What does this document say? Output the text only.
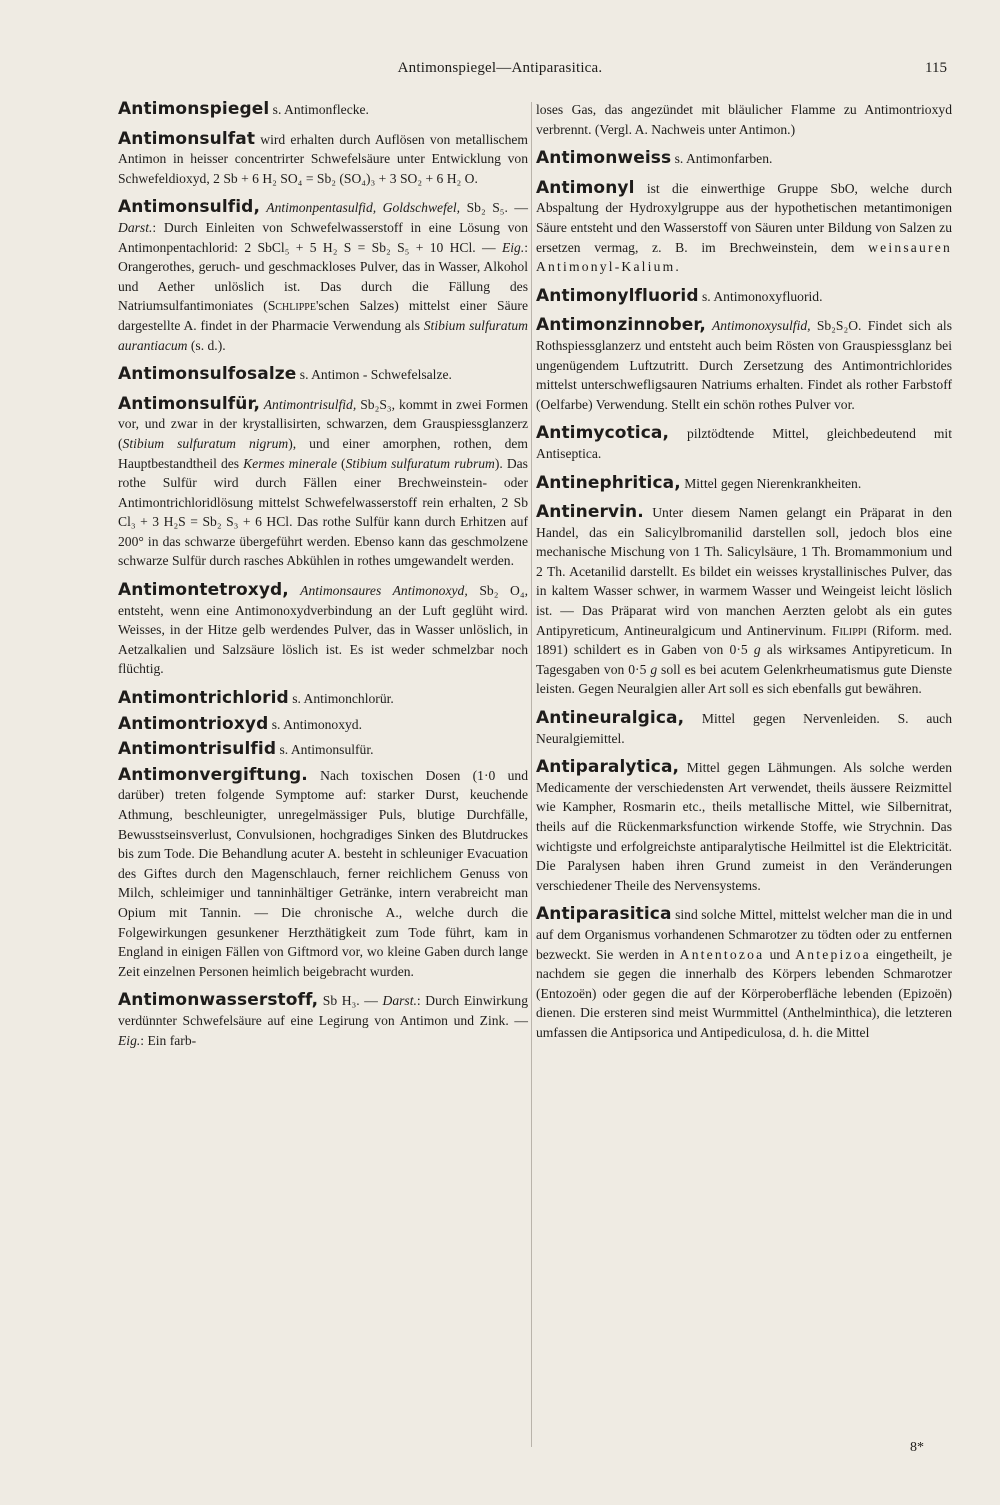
Antimonspiegel—Antiparasitica.	115

Antimonspiegel s. Antimonflecke.

Antimonsulfat wird erhalten durch Auflösen von metallischem Antimon in heisser concentrirter Schwefelsäure unter Entwicklung von Schwefeldioxyd, 2 Sb + 6 H₂ SO₄ = Sb₂ (SO₄)₃ + 3 SO₂ + 6 H₂ O.

Antimonsulfid, Antimonpentasulfid, Goldschwefel, Sb₂ S₅. — Darst.: Durch Einleiten von Schwefelwasserstoff in eine Lösung von Antimonpentachlorid: 2 SbCl₅ + 5 H₂ S = Sb₂ S₅ + 10 HCl. — Eig.: Orangerothes, geruch- und geschmackloses Pulver, das in Wasser, Alkohol und Aether unlöslich ist. Das durch die Fällung des Natriumsulfantimoniates (Schlippe'schen Salzes) mittelst einer Säure dargestellte A. findet in der Pharmacie Verwendung als Stibium sulfuratum aurantiacum (s. d.).

Antimonsulfosalze s. Antimon - Schwefelsalze.

Antimonsulfür, Antimontrisulfid, Sb₂S₃, kommt in zwei Formen vor, und zwar in der krystallisirten, schwarzen, dem Grauspiessglanzerz (Stibium sulfuratum nigrum), und einer amorphen, rothen, dem Hauptbestandtheil des Kermes minerale (Stibium sulfuratum rubrum). Das rothe Sulfür wird durch Fällen einer Brechweinstein- oder Antimontrichloridlösung mittelst Schwefelwasserstoff rein erhalten, 2 Sb Cl₃ + 3 H₂S = Sb₂ S₃ + 6 HCl. Das rothe Sulfür kann durch Erhitzen auf 200° in das schwarze übergeführt werden. Ebenso kann das geschmolzene schwarze Sulfür durch rasches Abkühlen in rothes umgewandelt werden.

Antimontetroxyd, Antimonsaures Antimonoxyd, Sb₂ O₄, entsteht, wenn eine Antimonoxydverbindung an der Luft geglüht wird. Weisses, in der Hitze gelb werdendes Pulver, das in Wasser unlöslich, in Aetzalkalien und Salzsäure löslich ist. Es ist weder schmelzbar noch flüchtig.

Antimontrichlorid s. Antimonchlorür.

Antimontrioxyd s. Antimonoxyd.

Antimontrisulfid s. Antimonsulfür.

Antimonvergiftung. Nach toxischen Dosen (1·0 und darüber) treten folgende Symptome auf: starker Durst, keuchende Athmung, beschleunigter, unregelmässiger Puls, blutige Durchfälle, Bewusstseinsverlust, Convulsionen, hochgradiges Sinken des Blutdruckes bis zum Tode. Die Behandlung acuter A. besteht in schleuniger Evacuation des Giftes durch den Magenschlauch, ferner reichlichem Genuss von Milch, schleimiger und tanninhältiger Getränke, intern verabreicht man Opium mit Tannin. — Die chronische A., welche durch die Folgewirkungen gesunkener Herzthätigkeit zum Tode führt, kam in England in einigen Fällen von Giftmord vor, wo kleine Gaben durch lange Zeit einzelnen Personen heimlich beigebracht wurden.

Antimonwasserstoff, Sb H₃. — Darst.: Durch Einwirkung verdünnter Schwefelsäure auf eine Legirung von Antimon und Zink. — Eig.: Ein farb-

loses Gas, das angezündet mit bläulicher Flamme zu Antimontrioxyd verbrennt. (Vergl. A. Nachweis unter Antimon.)

Antimonweiss s. Antimonfarben.

Antimonyl ist die einwerthige Gruppe SbO, welche durch Abspaltung der Hydroxylgruppe aus der hypothetischen metantimonigen Säure entsteht und den Wasserstoff von Säuren unter Bildung von Salzen zu ersetzen vermag, z. B. im Brechweinstein, dem weinsauren Antimonyl-Kalium.

Antimonylfluorid s. Antimonoxyfluorid.

Antimonzinnober, Antimonoxysulfid, Sb₂S₂O. Findet sich als Rothspiessglanzerz und entsteht auch beim Rösten von Grauspiessglanz bei ungenügendem Luftzutritt. Durch Zersetzung des Antimontrichlorides mittelst unterschwefligsauren Natriums erhalten. Findet als rother Farbstoff (Oelfarbe) Verwendung. Stellt ein schön rothes Pulver vor.

Antimycotica, pilztödtende Mittel, gleichbedeutend mit Antiseptica.

Antinephritica, Mittel gegen Nierenkrankheiten.

Antinervin. Unter diesem Namen gelangt ein Präparat in den Handel, das ein Salicylbromanilid darstellen soll, jedoch blos eine mechanische Mischung von 1 Th. Salicylsäure, 1 Th. Bromammonium und 2 Th. Acetanilid darstellt. Es bildet ein weisses krystallinisches Pulver, das in kaltem Wasser schwer, in warmem Wasser und Weingeist leicht löslich ist. — Das Präparat wird von manchen Aerzten gelobt als ein gutes Antipyreticum, Antineuralgicum und Antinervinum. Filippi (Riform. med. 1891) schildert es in Gaben von 0·5 g als wirksames Antipyreticum. In Tagesgaben von 0·5 g soll es bei acutem Gelenkrheumatismus gute Dienste leisten. Gegen Neuralgien aller Art soll es sich ebenfalls gut bewähren.

Antineuralgica, Mittel gegen Nervenleiden. S. auch Neuralgiemittel.

Antiparalytica, Mittel gegen Lähmungen. Als solche werden Medicamente der verschiedensten Art verwendet, theils äussere Reizmittel wie Kampher, Rosmarin etc., theils metallische Mittel, wie Silbernitrat, theils auf die Rückenmarksfunction wirkende Stoffe, wie Strychnin. Das wichtigste und erfolgreichste antiparalytische Heilmittel ist die Elektricität. Die Paralysen haben ihren Grund zumeist in den Veränderungen verschiedener Theile des Nervensystems.

Antiparasitica sind solche Mittel, mittelst welcher man die in und auf dem Organismus vorhandenen Schmarotzer zu tödten oder zu entfernen bezweckt. Sie werden in Antentozoa und Antepizoa eingetheilt, je nachdem sie gegen die innerhalb des Körpers lebenden Schmarotzer (Entozoën) oder gegen die auf der Körperoberfläche lebenden (Epizoën) dienen. Die ersteren sind meist Wurmmittel (Anthelminthica), die letzteren umfassen die Antipsorica und Antipediculosa, d. h. die Mittel

8*
